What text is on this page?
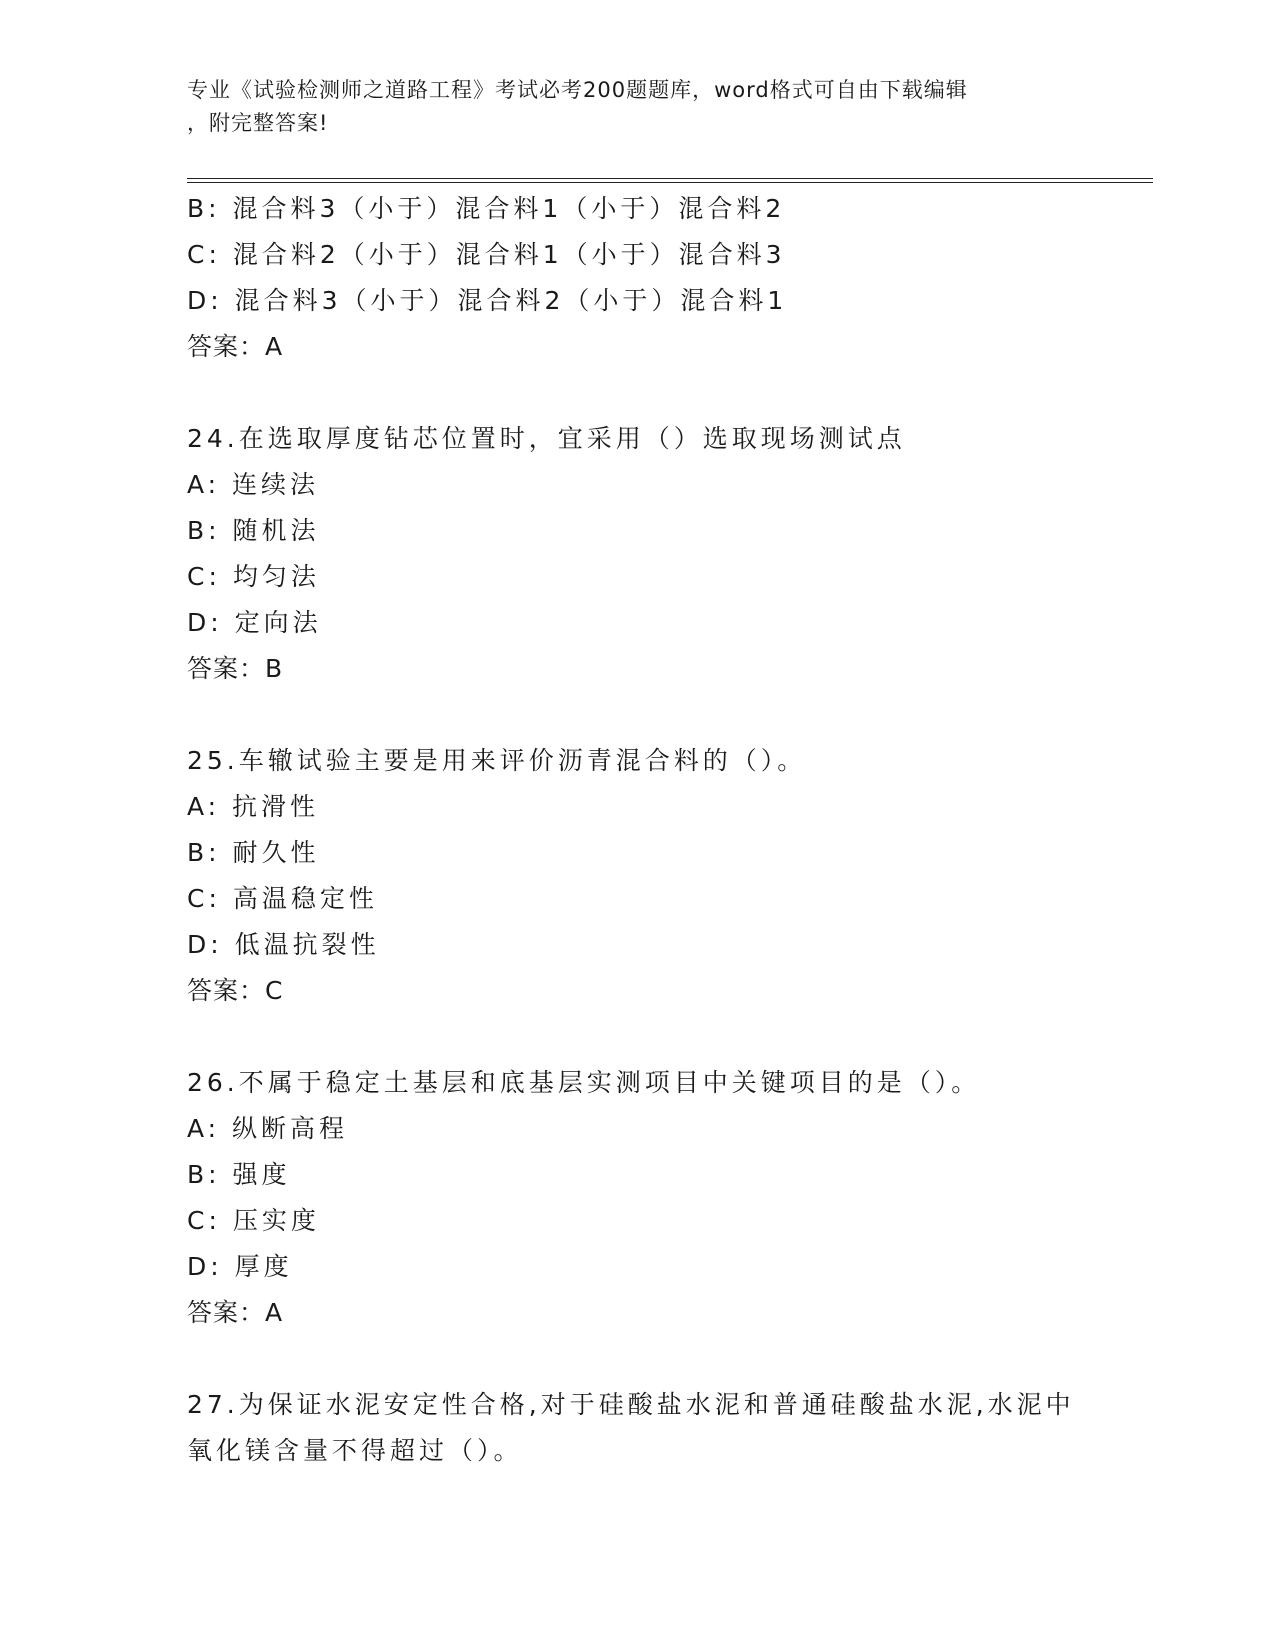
专业《试验检测师之道路工程》考试必考200题题库，word格式可自由下载编辑
，附完整答案!
B: 混合料3（小于）混合料1（小于）混合料2
C: 混合料2（小于）混合料1（小于）混合料3
D: 混合料3（小于）混合料2（小于）混合料1
答案：A
24.在选取厚度钻芯位置时，宜采用（）选取现场测试点
A: 连续法
B: 随机法
C: 均匀法
D: 定向法
答案：B
25.车辙试验主要是用来评价沥青混合料的（）。
A: 抗滑性
B: 耐久性
C: 高温稳定性
D: 低温抗裂性
答案：C
26.不属于稳定土基层和底基层实测项目中关键项目的是（）。
A: 纵断高程
B: 强度
C: 压实度
D: 厚度
答案：A
27.为保证水泥安定性合格,对于硅酸盐水泥和普通硅酸盐水泥,水泥中
氧化镁含量不得超过（）。
